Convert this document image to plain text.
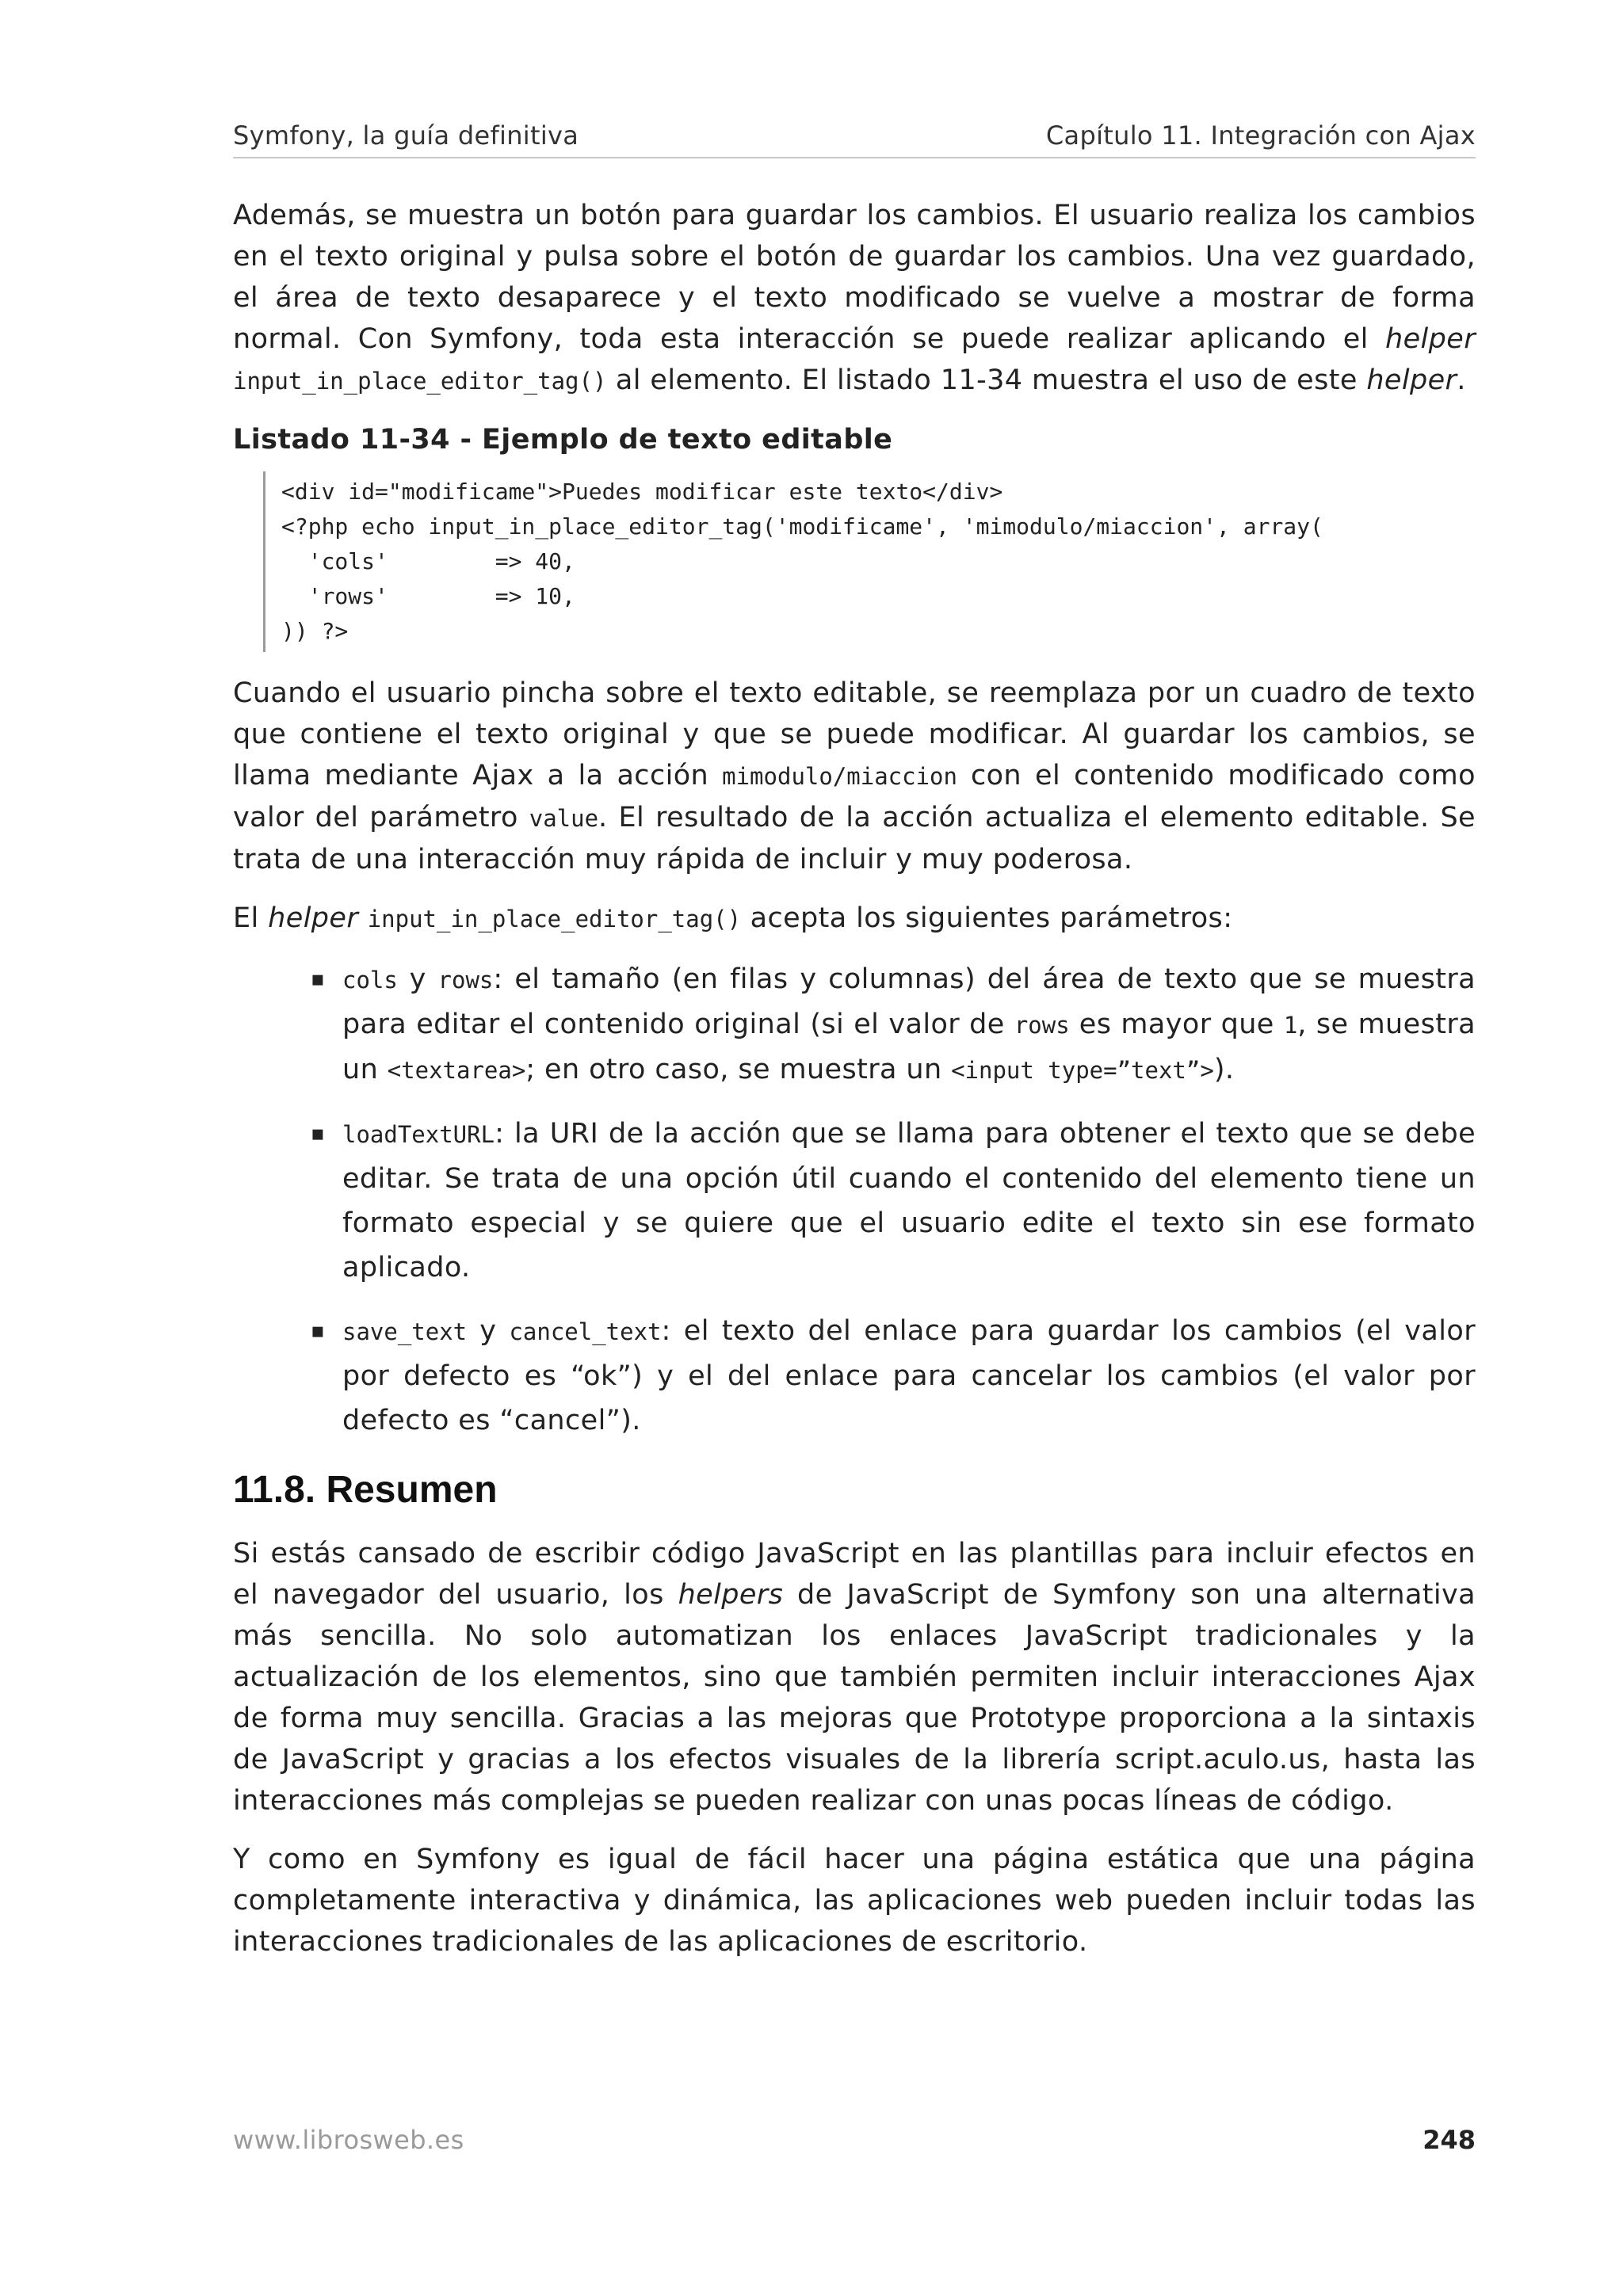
Symfony, la guía definitiva	Capítulo 11. Integración con Ajax

Además, se muestra un botón para guardar los cambios. El usuario realiza los cambios en el texto original y pulsa sobre el botón de guardar los cambios. Una vez guardado, el área de texto desaparece y el texto modificado se vuelve a mostrar de forma normal. Con Symfony, toda esta interacción se puede realizar aplicando el helper input_in_place_editor_tag() al elemento. El listado 11-34 muestra el uso de este helper.

Listado 11-34 - Ejemplo de texto editable
<div id="modificame">Puedes modificar este texto</div>
<?php echo input_in_place_editor_tag('modificame', 'mimodulo/miaccion', array(
'cols'        => 40,
'rows'        => 10,
)) ?>

Cuando el usuario pincha sobre el texto editable, se reemplaza por un cuadro de texto que contiene el texto original y que se puede modificar. Al guardar los cambios, se llama mediante Ajax a la acción mimodulo/miaccion con el contenido modificado como valor del parámetro value. El resultado de la acción actualiza el elemento editable. Se trata de una interacción muy rápida de incluir y muy poderosa.

El helper input_in_place_editor_tag() acepta los siguientes parámetros:

▪ cols y rows: el tamaño (en filas y columnas) del área de texto que se muestra para editar el contenido original (si el valor de rows es mayor que 1, se muestra un <textarea>; en otro caso, se muestra un <input type=”text”>).
▪ loadTextURL: la URI de la acción que se llama para obtener el texto que se debe editar. Se trata de una opción útil cuando el contenido del elemento tiene un formato especial y se quiere que el usuario edite el texto sin ese formato aplicado.
▪ save_text y cancel_text: el texto del enlace para guardar los cambios (el valor por defecto es “ok”) y el del enlace para cancelar los cambios (el valor por defecto es “cancel”).
11.8. Resumen

Si estás cansado de escribir código JavaScript en las plantillas para incluir efectos en el navegador del usuario, los helpers de JavaScript de Symfony son una alternativa más sencilla. No solo automatizan los enlaces JavaScript tradicionales y la actualización de los elementos, sino que también permiten incluir interacciones Ajax de forma muy sencilla. Gracias a las mejoras que Prototype proporciona a la sintaxis de JavaScript y gracias a los efectos visuales de la librería script.aculo.us, hasta las interacciones más complejas se pueden realizar con unas pocas líneas de código.

Y como en Symfony es igual de fácil hacer una página estática que una página completamente interactiva y dinámica, las aplicaciones web pueden incluir todas las interacciones tradicionales de las aplicaciones de escritorio.

www.librosweb.es	248
